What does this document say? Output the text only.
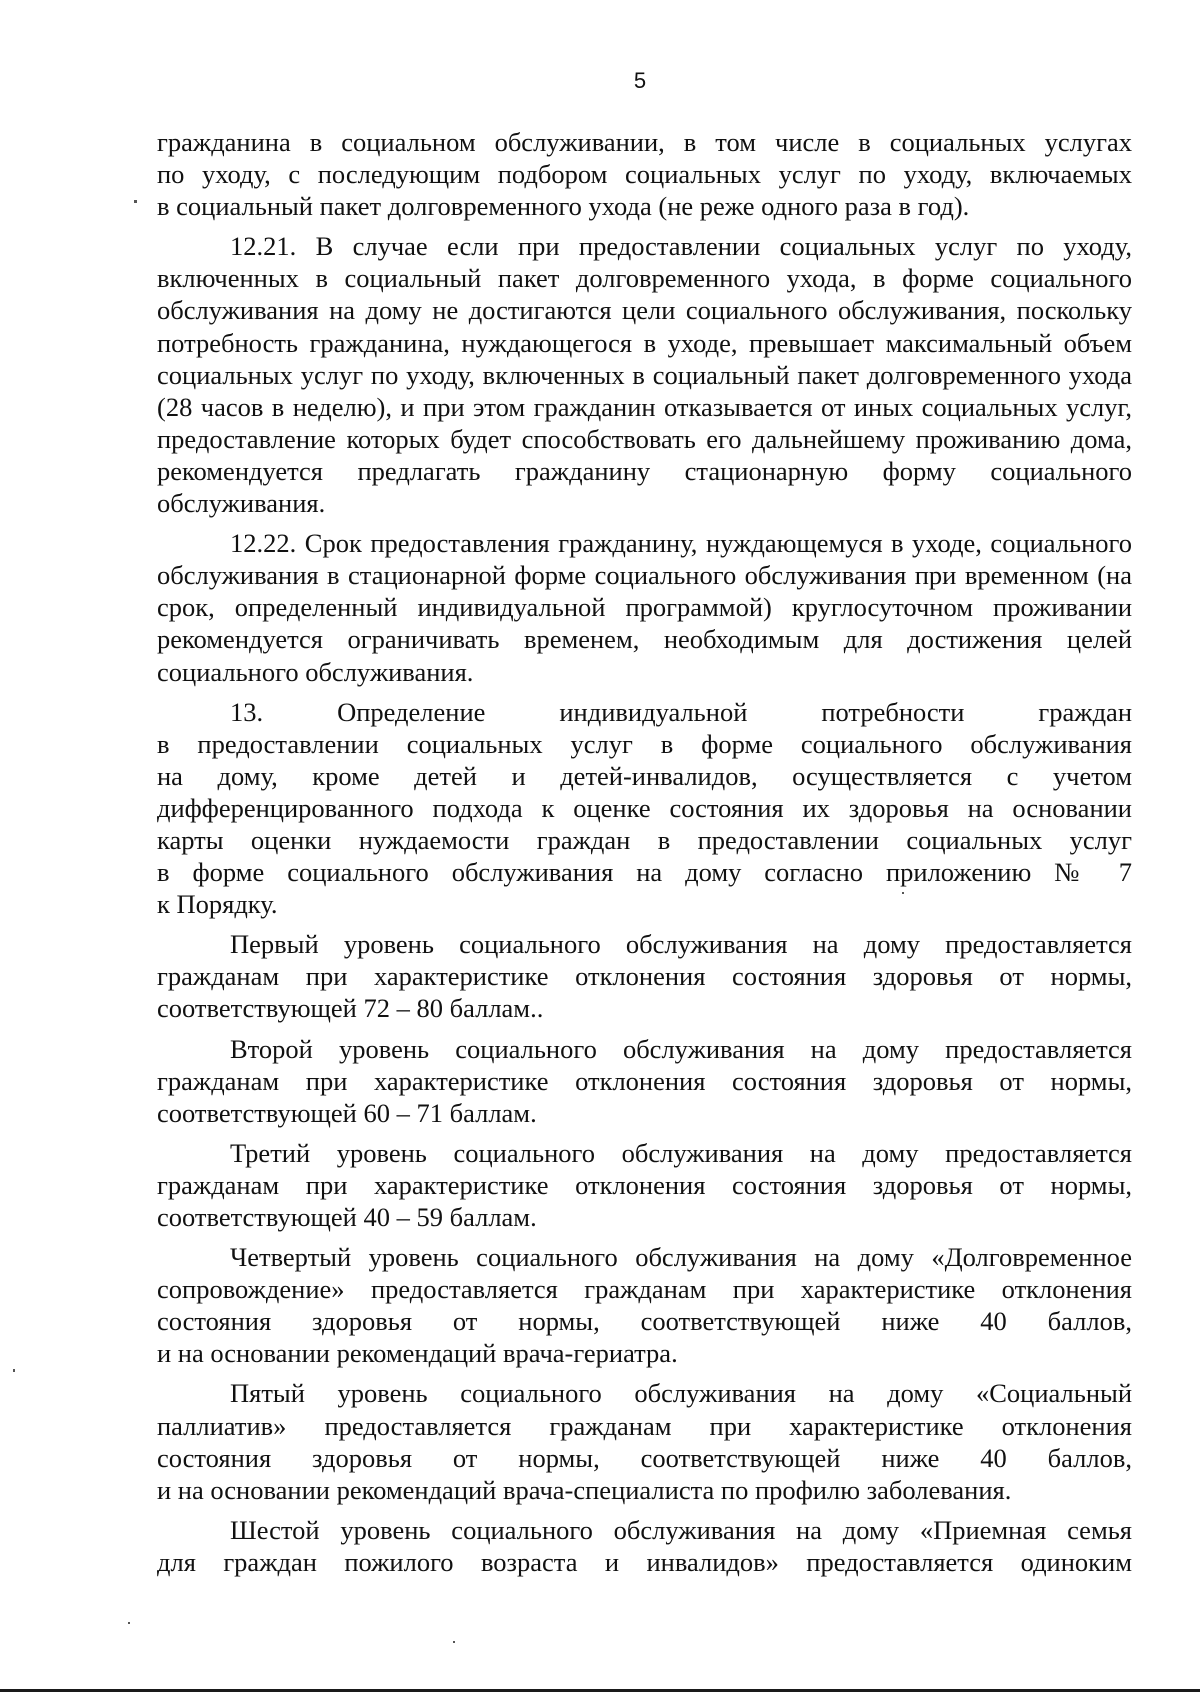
5

гражданина в социальном обслуживании, в том числе в социальных услугах
по уходу, с последующим подбором социальных услуг по уходу, включаемых
в социальный пакет долговременного ухода (не реже одного раза в год).

12.21. В случае если при предоставлении социальных услуг по уходу, включенных в социальный пакет долговременного ухода, в форме социального обслуживания на дому не достигаются цели социального обслуживания, поскольку потребность гражданина, нуждающегося в уходе, превышает максимальный объем социальных услуг по уходу, включенных в социальный пакет долговременного ухода (28 часов в неделю), и при этом гражданин отказывается от иных социальных услуг, предоставление которых будет способствовать его дальнейшему проживанию дома, рекомендуется предлагать гражданину стационарную форму социального обслуживания.

12.22. Срок предоставления гражданину, нуждающемуся в уходе, социального обслуживания в стационарной форме социального обслуживания при временном (на срок, определенный индивидуальной программой) круглосуточном проживании рекомендуется ограничивать временем, необходимым для достижения целей социального обслуживания.

13. Определение индивидуальной потребности граждан
в предоставлении социальных услуг в форме социального обслуживания
на дому, кроме детей и детей-инвалидов, осуществляется с учетом
дифференцированного подхода к оценке состояния их здоровья на основании
карты оценки нуждаемости граждан в предоставлении социальных услуг
в форме социального обслуживания на дому согласно приложению № 7
к Порядку.

Первый уровень социального обслуживания на дому предоставляется гражданам при характеристике отклонения состояния здоровья от нормы, соответствующей 72 – 80 баллам..

Второй уровень социального обслуживания на дому предоставляется гражданам при характеристике отклонения состояния здоровья от нормы, соответствующей 60 – 71 баллам.

Третий уровень социального обслуживания на дому предоставляется гражданам при характеристике отклонения состояния здоровья от нормы, соответствующей 40 – 59 баллам.

Четвертый уровень социального обслуживания на дому «Долговременное
сопровождение» предоставляется гражданам при характеристике отклонения
состояния здоровья от нормы, соответствующей ниже 40 баллов,
и на основании рекомендаций врача-гериатра.

Пятый уровень социального обслуживания на дому «Социальный
паллиатив» предоставляется гражданам при характеристике отклонения
состояния здоровья от нормы, соответствующей ниже 40 баллов,
и на основании рекомендаций врача-специалиста по профилю заболевания.

Шестой уровень социального обслуживания на дому «Приемная семья
для граждан пожилого возраста и инвалидов» предоставляется одиноким
